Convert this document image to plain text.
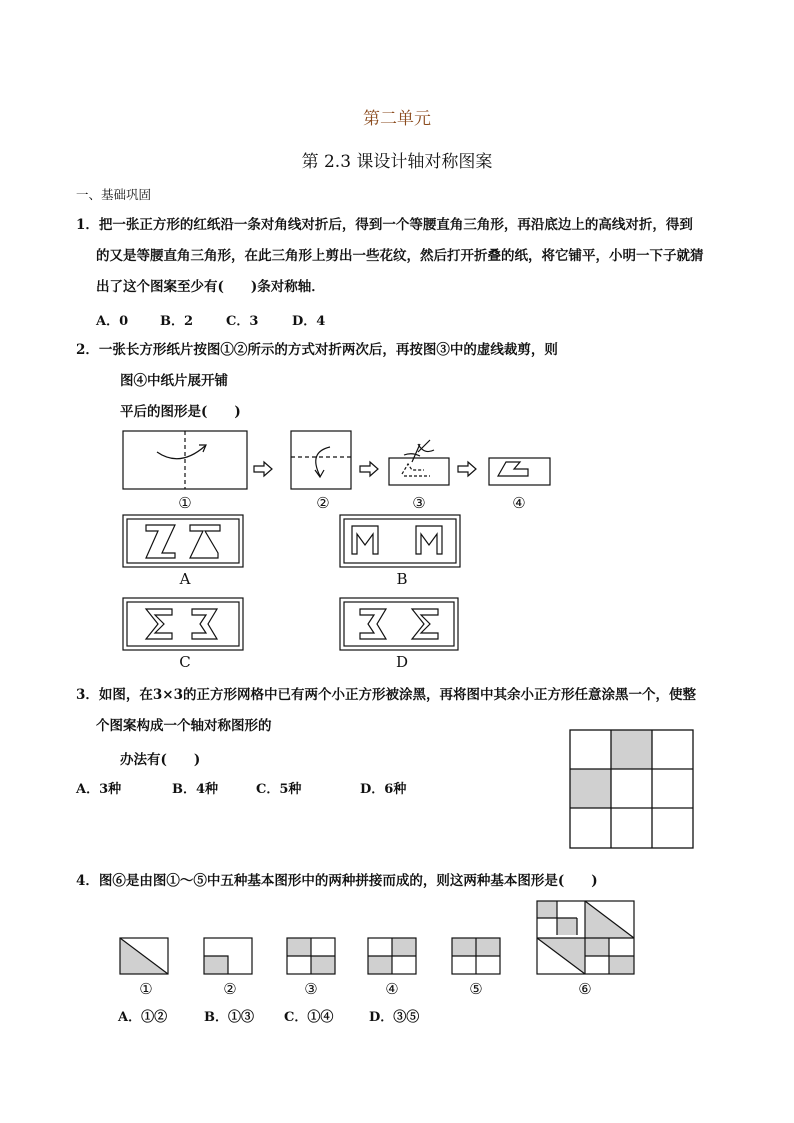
第二单元
第 2.3 课设计轴对称图案
一、基础巩固
1．把一张正方形的红纸沿一条对角线对折后，得到一个等腰直角三角形，再沿底边上的高线对折，得到
的又是等腰直角三角形，在此三角形上剪出一些花纹，然后打开折叠的纸，将它铺平，小明一下子就猜
出了这个图案至少有(　　)条对称轴．
A．0 B．2	C．3	D．4
2．一张长方形纸片按图①②所示的方式对折两次后，再按图③中的虚线裁剪，则
图④中纸片展开铺
平后的图形是(　　)
①	②	③	④
A	B
C	D
3．如图，在3×3的正方形网格中已有两个小正方形被涂黑，再将图中其余小正方形任意涂黑一个，使整
个图案构成一个轴对称图形的
办法有(　　)
A．3种	B．4种	C．5种	D．6种
4．图⑥是由图①～⑤中五种基本图形中的两种拼接而成的，则这两种基本图形是(　　)
①	②	③	④	⑤	⑥
A．①②	B．①③ C．①④	D．③⑤
